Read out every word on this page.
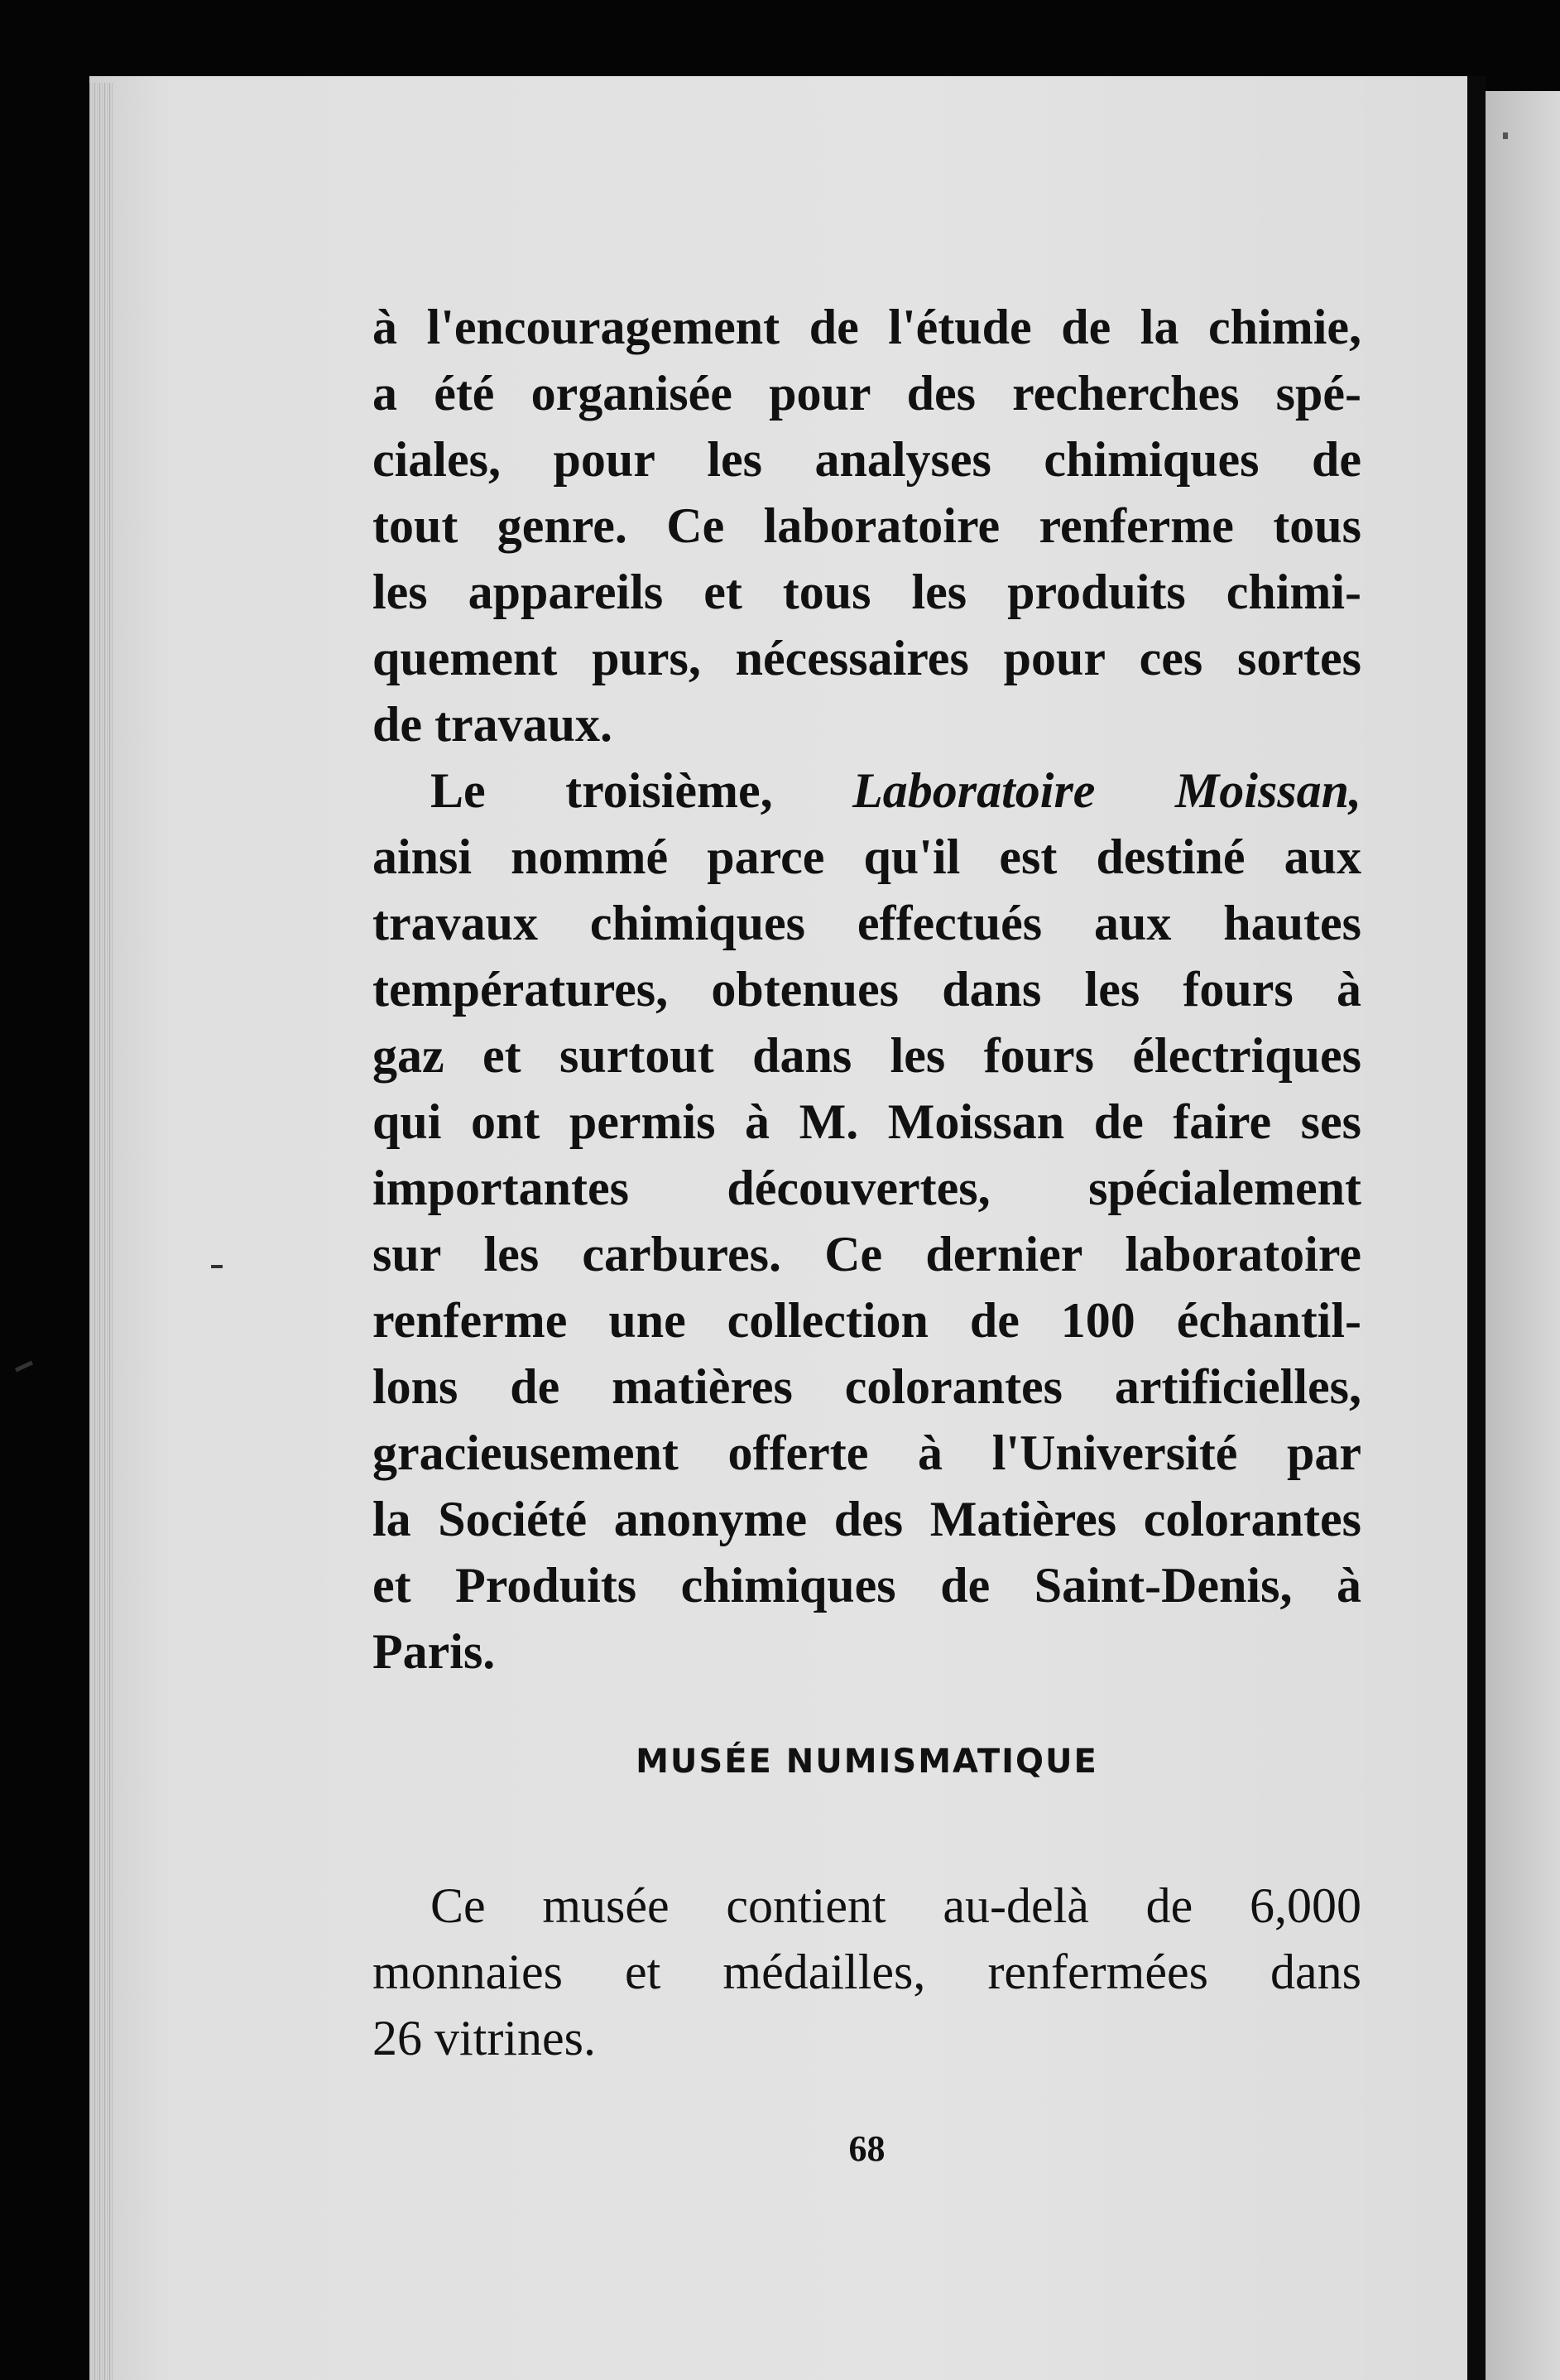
à l'encouragement de l'étude de la chimie,
a été organisée pour des recherches spé-
ciales, pour les analyses chimiques de
tout genre. Ce laboratoire renferme tous
les appareils et tous les produits chimi-
quement purs, nécessaires pour ces sortes
de travaux.
Le troisième, Laboratoire Moissan,
ainsi nommé parce qu'il est destiné aux
travaux chimiques effectués aux hautes
températures, obtenues dans les fours à
gaz et surtout dans les fours électriques
qui ont permis à M. Moissan de faire ses
importantes découvertes, spécialement
sur les carbures. Ce dernier laboratoire
renferme une collection de 100 échantil-
lons de matières colorantes artificielles,
gracieusement offerte à l'Université par
la Société anonyme des Matières colorantes
et Produits chimiques de Saint-Denis, à
Paris.
MUSÉE NUMISMATIQUE
Ce musée contient au-delà de 6,000
monnaies et médailles, renfermées dans
26 vitrines.
68
